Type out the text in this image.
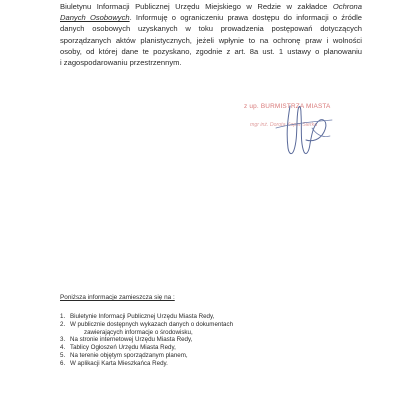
Biuletynu Informacji Publicznej Urzędu Miejskiego w Redzie w zakładce Ochrona
Danych Osobowych. Informuję o ograniczeniu prawa dostępu do informacji o źródle
danych osobowych uzyskanych w toku prowadzenia postępowań dotyczących
sporządzanych aktów planistycznych, jeżeli wpłynie to na ochronę praw i wolności
osoby, od której dane te pozyskano, zgodnie z art. 8a ust. 1 ustawy o planowaniu
i zagospodarowaniu przestrzennym.
z up. BURMISTRZA MIASTA
mgr inż. Dorota Koper-Sierka
Poniższa informacje zamieszcza się na :
1. Biuletynie Informacji Publicznej Urzędu Miasta Redy,
2. W publicznie dostępnych wykazach danych o dokumentach
zawierających informacje o środowisku,
3. Na stronie internetowej Urzędu Miasta Redy,
4. Tablicy Ogłoszeń Urzędu Miasta Redy,
5. Na terenie objętym sporządzanym planem,
6. W aplikacji Karta Mieszkańca Redy.
